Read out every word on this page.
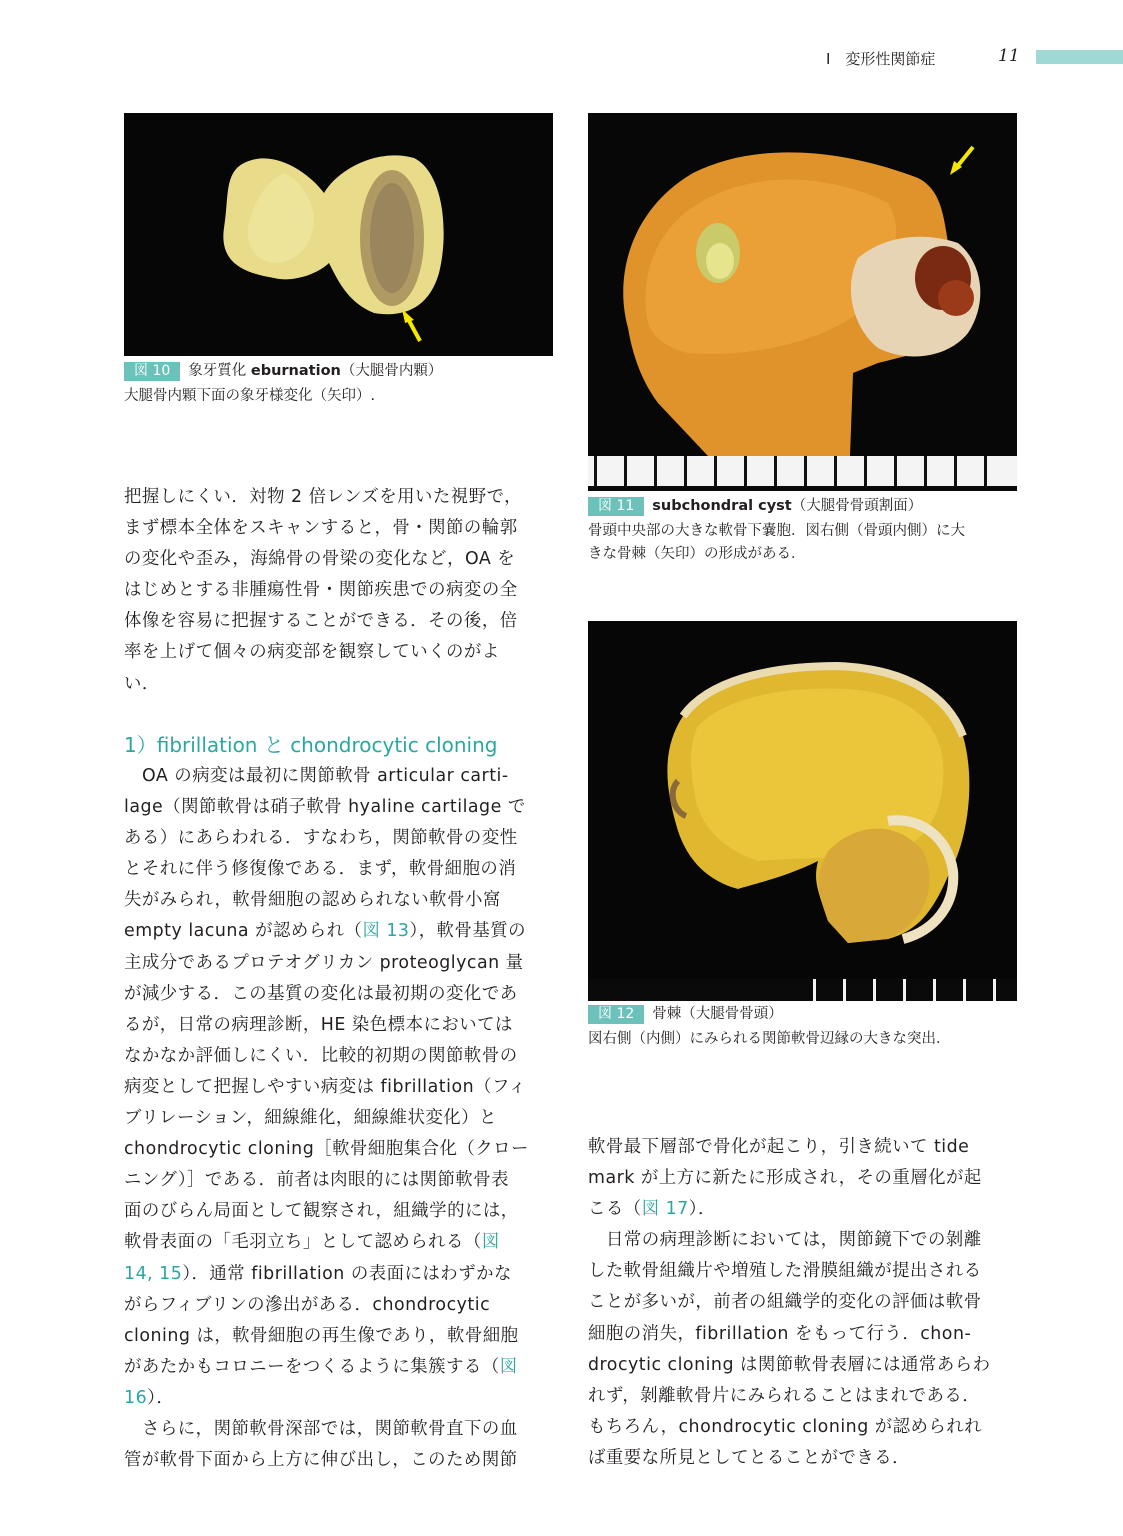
I　変形性関節症	11
図 10 象牙質化 eburnation（大腿骨内顆）
大腿骨内顆下面の象牙様変化（矢印）.
図 11 subchondral cyst（大腿骨骨頭割面）
骨頭中央部の大きな軟骨下嚢胞．図右側（骨頭内側）に大
きな骨棘（矢印）の形成がある．
図 12 骨棘（大腿骨骨頭）
図右側（内側）にみられる関節軟骨辺縁の大きな突出．
把握しにくい．対物 2 倍レンズを用いた視野で，
まず標本全体をスキャンすると，骨・関節の輪郭
の変化や歪み，海綿骨の骨梁の変化など，OA を
はじめとする非腫瘍性骨・関節疾患での病変の全
体像を容易に把握することができる．その後，倍
率を上げて個々の病変部を観察していくのがよ
い．
1）fibrillation と chondrocytic cloning
OA の病変は最初に関節軟骨 articular carti-
lage（関節軟骨は硝子軟骨 hyaline cartilage で
ある）にあらわれる．すなわち，関節軟骨の変性
とそれに伴う修復像である．まず，軟骨細胞の消
失がみられ，軟骨細胞の認められない軟骨小窩
empty lacuna が認められ（図 13），軟骨基質の
主成分であるプロテオグリカン proteoglycan 量
が減少する．この基質の変化は最初期の変化であ
るが，日常の病理診断，HE 染色標本においては
なかなか評価しにくい．比較的初期の関節軟骨の
病変として把握しやすい病変は fibrillation（フィ
ブリレーション，細線維化，細線維状変化）と
chondrocytic cloning［軟骨細胞集合化（クロー
ニング）］である．前者は肉眼的には関節軟骨表
面のびらん局面として観察され，組織学的には，
軟骨表面の「毛羽立ち」として認められる（図
14, 15）．通常 fibrillation の表面にはわずかな
がらフィブリンの滲出がある．chondrocytic
cloning は，軟骨細胞の再生像であり，軟骨細胞
があたかもコロニーをつくるように集簇する（図
16）．
さらに，関節軟骨深部では，関節軟骨直下の血
管が軟骨下面から上方に伸び出し，このため関節
軟骨最下層部で骨化が起こり，引き続いて tide
mark が上方に新たに形成され，その重層化が起
こる（図 17）．
日常の病理診断においては，関節鏡下での剝離
した軟骨組織片や増殖した滑膜組織が提出される
ことが多いが，前者の組織学的変化の評価は軟骨
細胞の消失，fibrillation をもって行う．chon-
drocytic cloning は関節軟骨表層には通常あらわ
れず，剝離軟骨片にみられることはまれである．
もちろん，chondrocytic cloning が認められれ
ば重要な所見としてとることができる．
